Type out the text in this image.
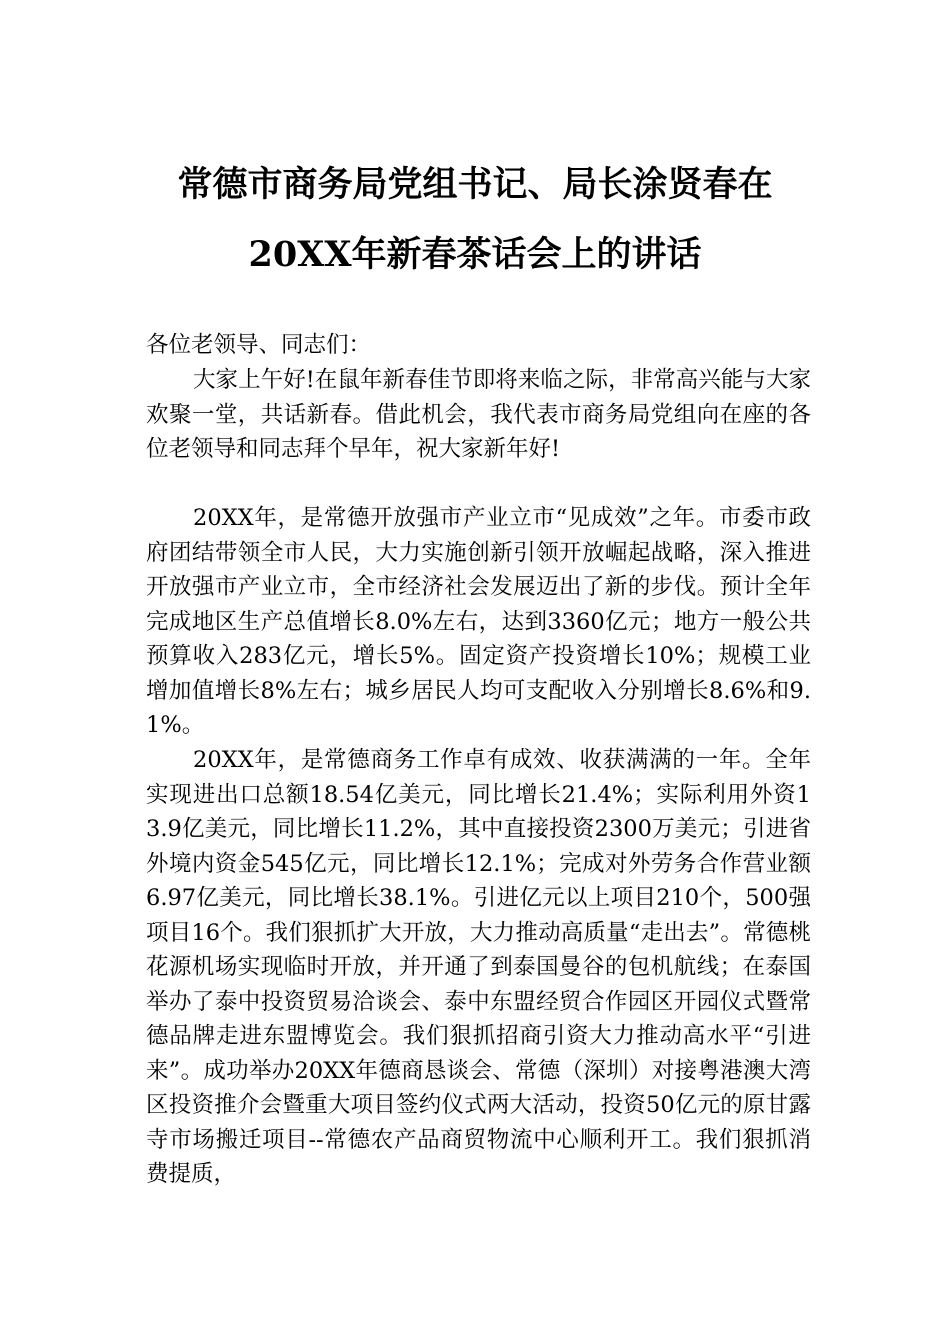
常德市商务局党组书记、局长涂贤春在
20XX年新春茶话会上的讲话
各位老领导、同志们：
大家上午好!在鼠年新春佳节即将来临之际，非常高兴能与大家欢聚一堂，共话新春。借此机会，我代表市商务局党组向在座的各位老领导和同志拜个早年，祝大家新年好!
20XX年，是常德开放强市产业立市“见成效”之年。市委市政府团结带领全市人民，大力实施创新引领开放崛起战略，深入推进开放强市产业立市，全市经济社会发展迈出了新的步伐。预计全年完成地区生产总值增长8.0%左右，达到3360亿元；地方一般公共预算收入283亿元，增长5%。固定资产投资增长10%；规模工业增加值增长8%左右；城乡居民人均可支配收入分别增长8.6%和9.1%。
20XX年，是常德商务工作卓有成效、收获满满的一年。全年实现进出口总额18.54亿美元，同比增长21.4%；实际利用外资13.9亿美元，同比增长11.2%，其中直接投资2300万美元；引进省外境内资金545亿元，同比增长12.1%；完成对外劳务合作营业额6.97亿美元，同比增长38.1%。引进亿元以上项目210个，500强项目16个。我们狠抓扩大开放，大力推动高质量“走出去”。常德桃花源机场实现临时开放，并开通了到泰国曼谷的包机航线；在泰国举办了泰中投资贸易洽谈会、泰中东盟经贸合作园区开园仪式暨常德品牌走进东盟博览会。我们狠抓招商引资大力推动高水平“引进来”。成功举办20XX年德商恳谈会、常德（深圳）对接粤港澳大湾区投资推介会暨重大项目签约仪式两大活动，投资50亿元的原甘露寺市场搬迁项目--常德农产品商贸物流中心顺利开工。我们狠抓消费提质，
